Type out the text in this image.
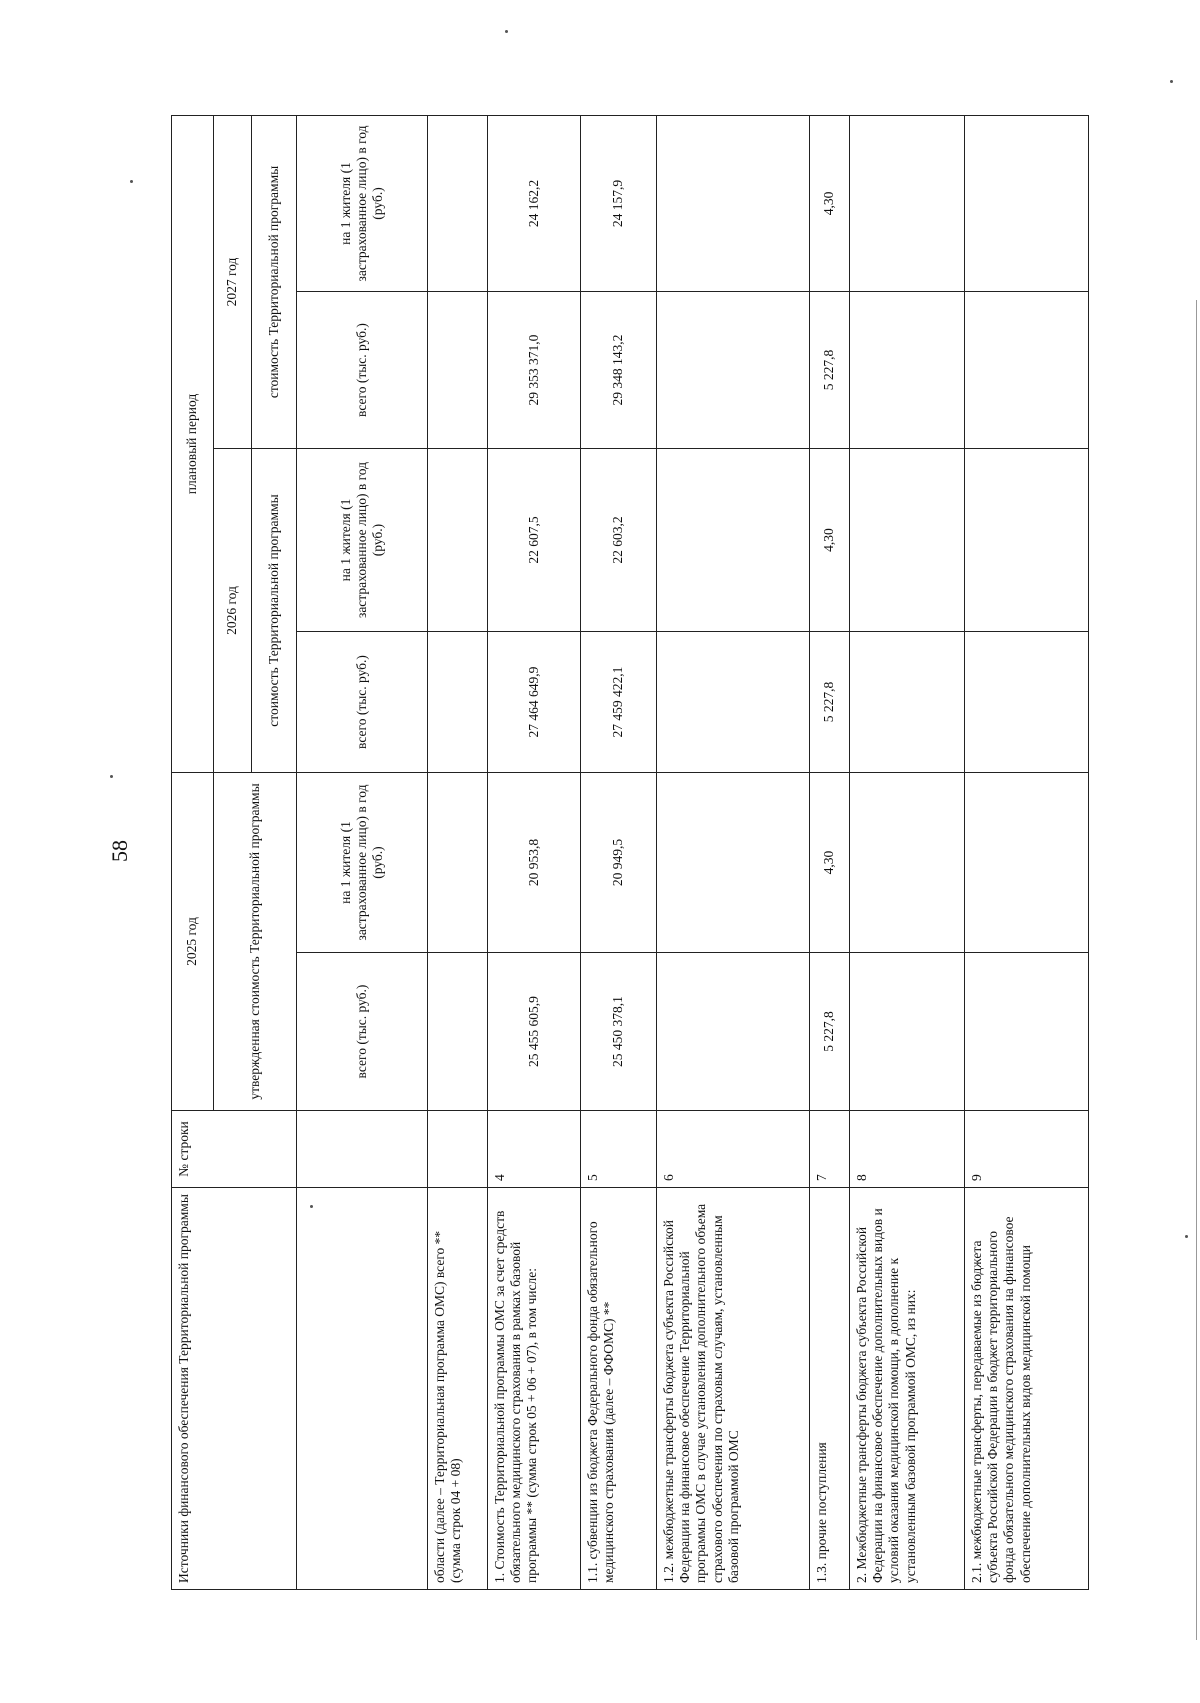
58
Источники финансового обеспечения Территориальной программы	№ строки	2025 год		плановый период			
		утвержденная стоимость Территориальной программы		2026 год		2027 год	
				стоимость Территориальной программы		стоимость Территориальной программы	
		всего (тыс. руб.)	на 1 жителя (1 застрахованное лицо) в год (руб.)	всего (тыс. руб.)	на 1 жителя (1 застрахованное лицо) в год (руб.)	всего (тыс. руб.)	на 1 жителя (1 застрахованное лицо) в год (руб.)
области (далее – Территориальная программа ОМС) всего ** (сумма строк 04 + 08)							
1. Стоимость Территориальной программы ОМС за счет средств обязательного медицинского страхования в рамках базовой программы ** (сумма строк 05 + 06 + 07), в том числе:	4	25 455 605,9	20 953,8	27 464 649,9	22 607,5	29 353 371,0	24 162,2
1.1. субвенции из бюджета Федерального фонда обязательного медицинского страхования (далее – ФФОМС) **	5	25 450 378,1	20 949,5	27 459 422,1	22 603,2	29 348 143,2	24 157,9
1.2. межбюджетные трансферты бюджета субъекта Российской Федерации на финансовое обеспечение Территориальной программы ОМС в случае установления дополнительного объема страхового обеспечения по страховым случаям, установленным базовой программой ОМС	6						
1.3. прочие поступления	7	5 227,8	4,30	5 227,8	4,30	5 227,8	4,30
2. Межбюджетные трансферты бюджета субъекта Российской Федерации на финансовое обеспечение дополнительных видов и условий оказания медицинской помощи, в дополнение к установленным базовой программой ОМС, из них:	8						
2.1. межбюджетные трансферты, передаваемые из бюджета субъекта Российской Федерации в бюджет территориального фонда обязательного медицинского страхования на финансовое обеспечение дополнительных видов медицинской помощи	9						
